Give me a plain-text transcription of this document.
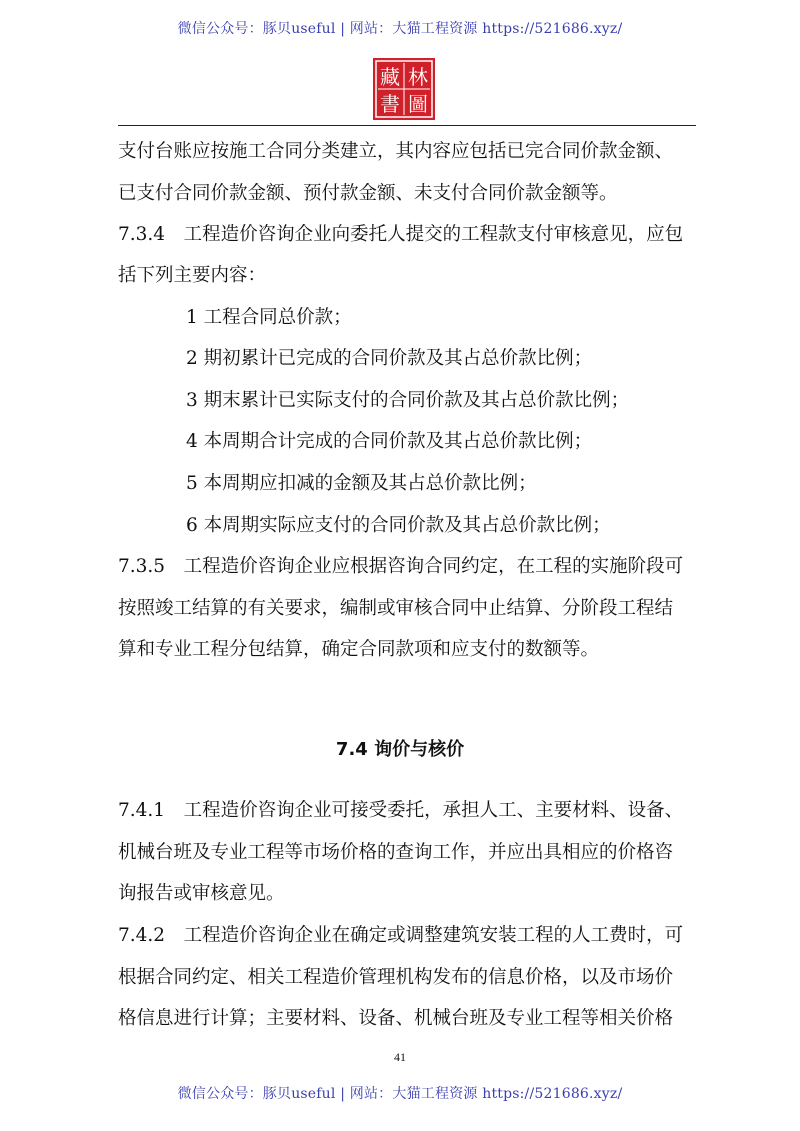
微信公众号：豚贝useful | 网站：大猫工程资源 https://521686.xyz/
藏 林
書 圖
支付台账应按施工合同分类建立，其内容应包括已完合同价款金额、
已支付合同价款金额、预付款金额、未支付合同价款金额等。
7.3.4　工程造价咨询企业向委托人提交的工程款支付审核意见，应包
括下列主要内容：
1 工程合同总价款；
2 期初累计已完成的合同价款及其占总价款比例；
3 期末累计已实际支付的合同价款及其占总价款比例；
4 本周期合计完成的合同价款及其占总价款比例；
5 本周期应扣减的金额及其占总价款比例；
6 本周期实际应支付的合同价款及其占总价款比例；
7.3.5　工程造价咨询企业应根据咨询合同约定，在工程的实施阶段可
按照竣工结算的有关要求，编制或审核合同中止结算、分阶段工程结
算和专业工程分包结算，确定合同款项和应支付的数额等。
7.4 询价与核价
7.4.1　工程造价咨询企业可接受委托，承担人工、主要材料、设备、
机械台班及专业工程等市场价格的查询工作，并应出具相应的价格咨
询报告或审核意见。
7.4.2　工程造价咨询企业在确定或调整建筑安装工程的人工费时，可
根据合同约定、相关工程造价管理机构发布的信息价格，以及市场价
格信息进行计算；主要材料、设备、机械台班及专业工程等相关价格
41
微信公众号：豚贝useful | 网站：大猫工程资源 https://521686.xyz/
